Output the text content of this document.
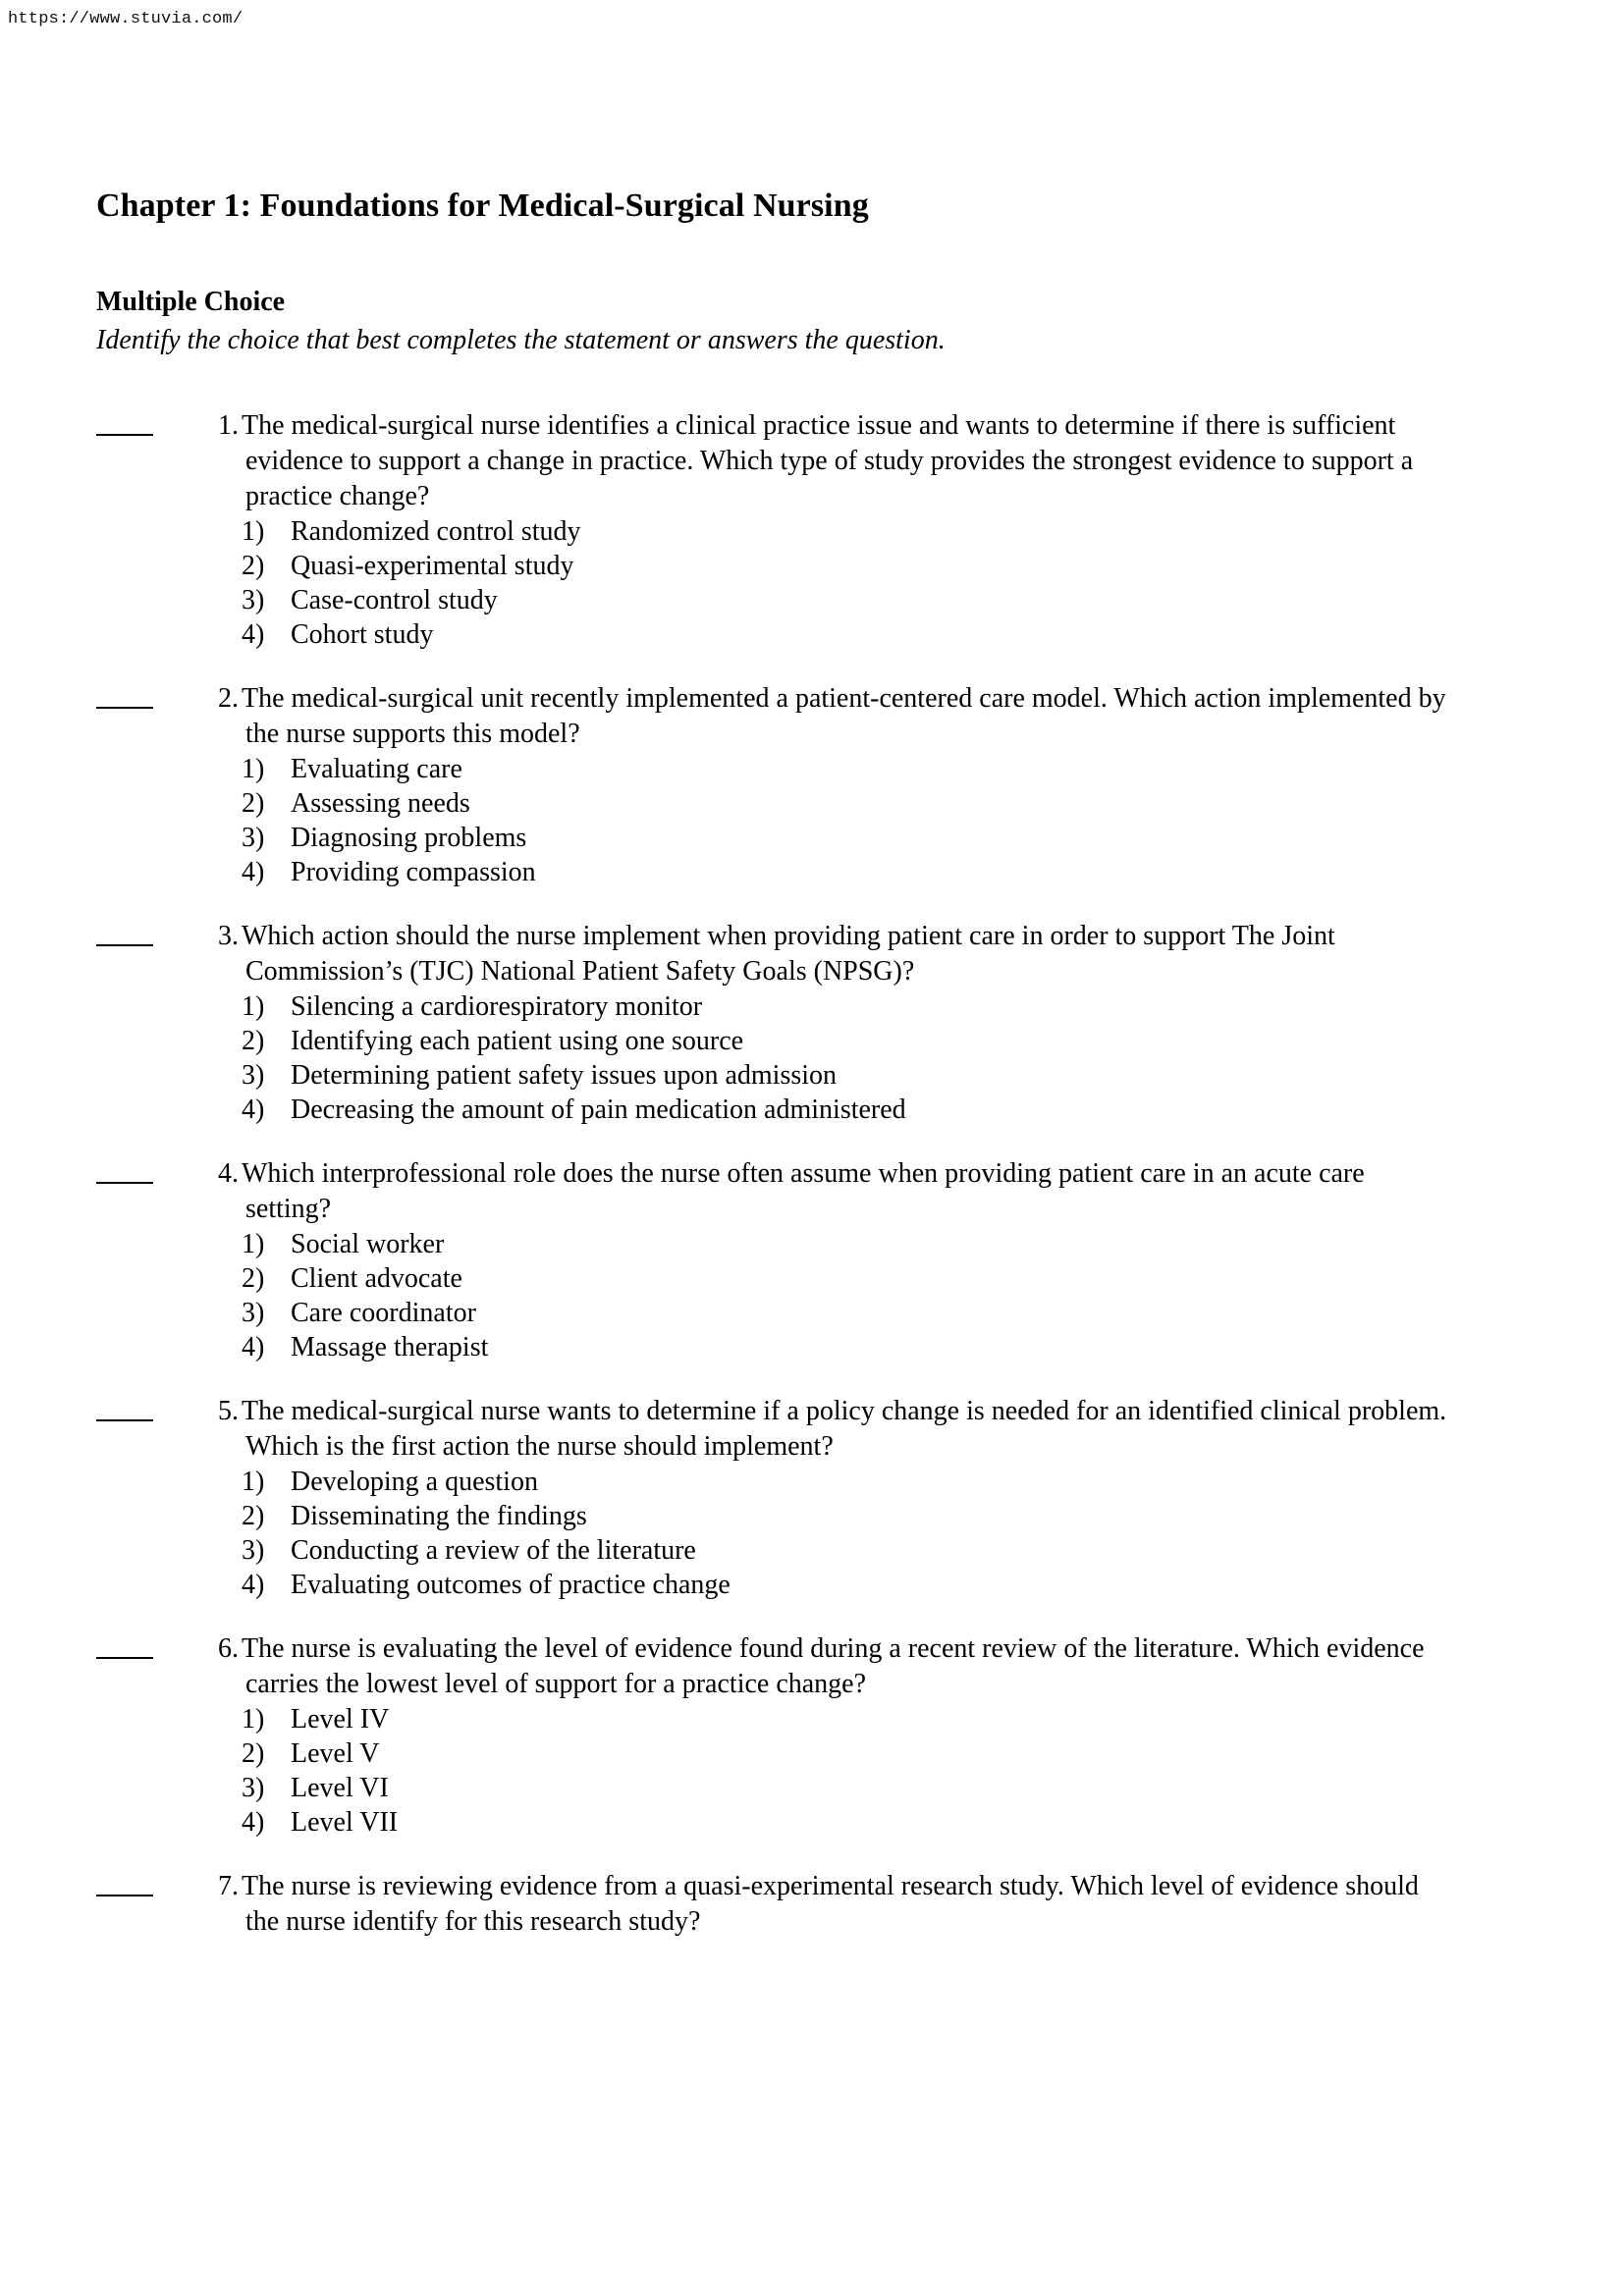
https://www.stuvia.com/
Chapter 1: Foundations for Medical-Surgical Nursing
Multiple Choice
Identify the choice that best completes the statement or answers the question.
1. The medical-surgical nurse identifies a clinical practice issue and wants to determine if there is sufficient
evidence to support a change in practice. Which type of study provides the strongest evidence to support a
practice change?
1) Randomized control study
2) Quasi-experimental study
3) Case-control study
4) Cohort study
2. The medical-surgical unit recently implemented a patient-centered care model. Which action implemented by
the nurse supports this model?
1) Evaluating care
2) Assessing needs
3) Diagnosing problems
4) Providing compassion
3. Which action should the nurse implement when providing patient care in order to support The Joint
Commission’s (TJC) National Patient Safety Goals (NPSG)?
1) Silencing a cardiorespiratory monitor
2) Identifying each patient using one source
3) Determining patient safety issues upon admission
4) Decreasing the amount of pain medication administered
4. Which interprofessional role does the nurse often assume when providing patient care in an acute care
setting?
1) Social worker
2) Client advocate
3) Care coordinator
4) Massage therapist
5. The medical-surgical nurse wants to determine if a policy change is needed for an identified clinical problem.
Which is the first action the nurse should implement?
1) Developing a question
2) Disseminating the findings
3) Conducting a review of the literature
4) Evaluating outcomes of practice change
6. The nurse is evaluating the level of evidence found during a recent review of the literature. Which evidence
carries the lowest level of support for a practice change?
1) Level IV
2) Level V
3) Level VI
4) Level VII
7. The nurse is reviewing evidence from a quasi-experimental research study. Which level of evidence should
the nurse identify for this research study?
